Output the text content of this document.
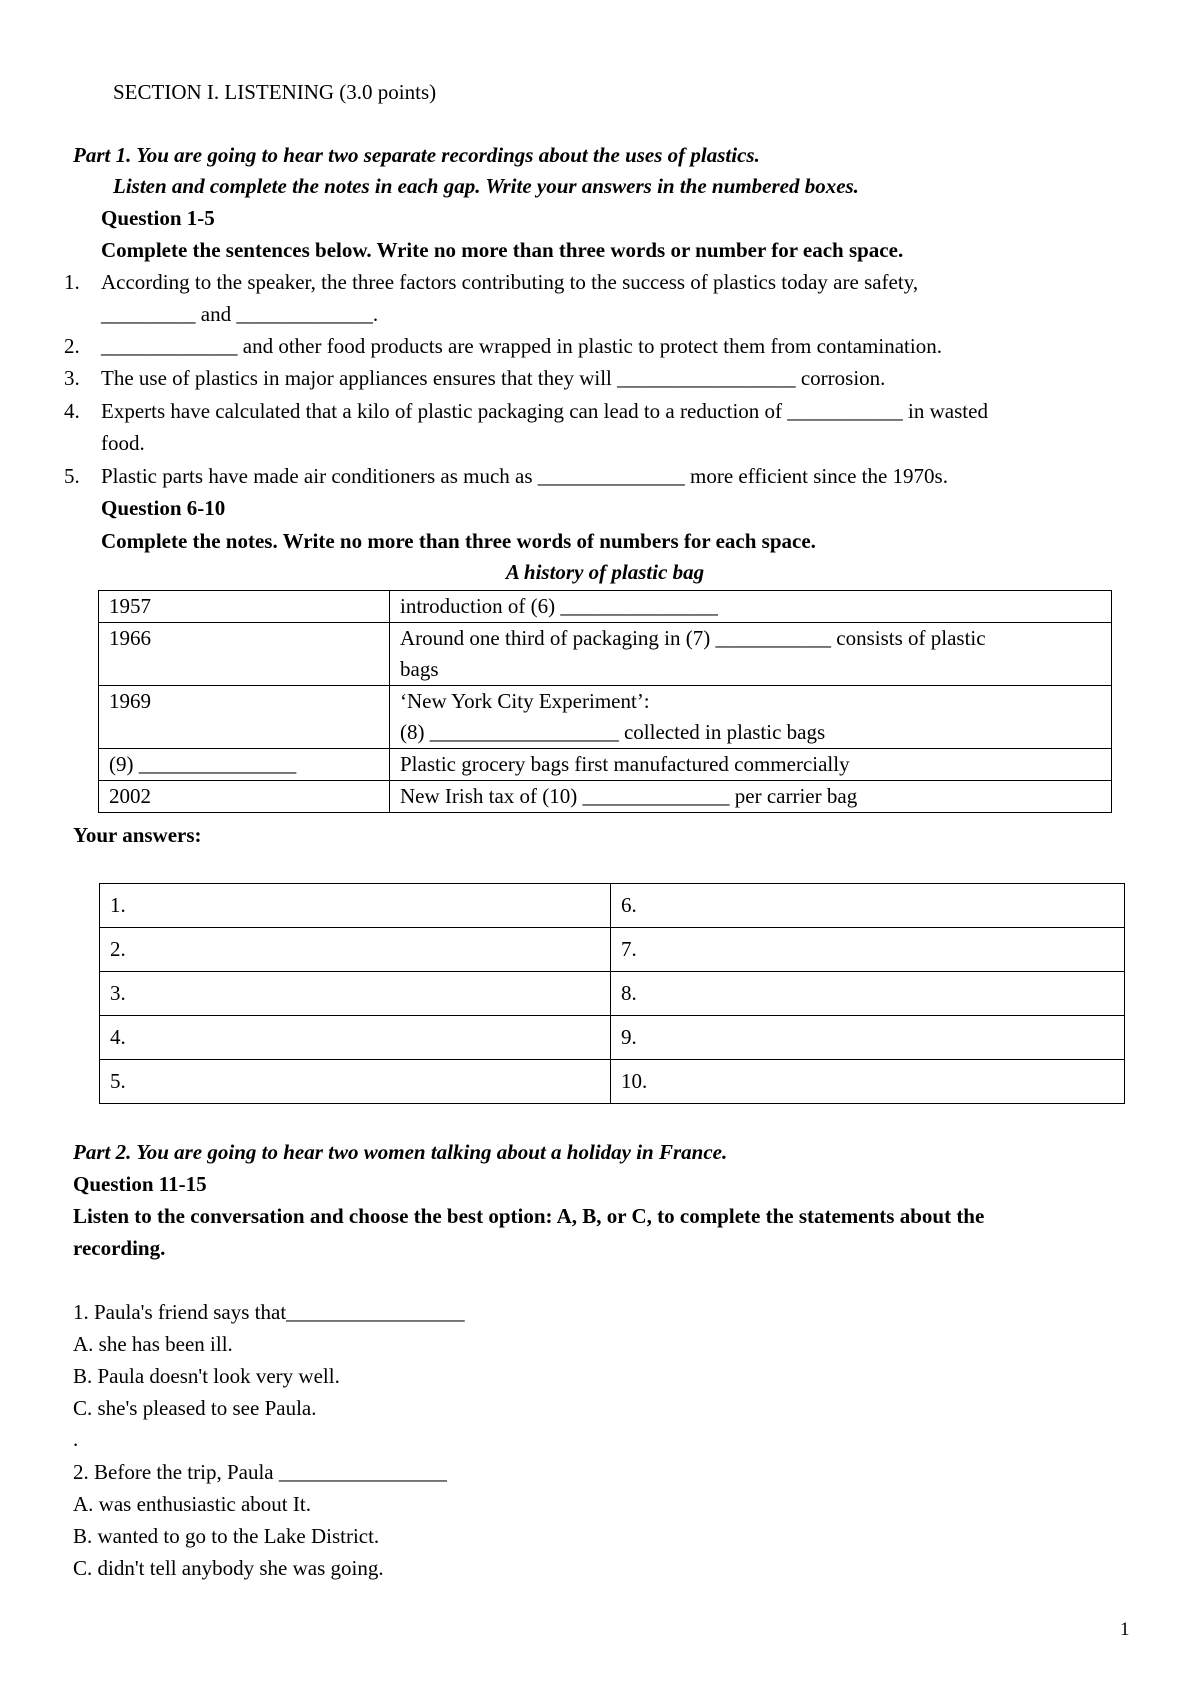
SECTION I. LISTENING (3.0 points)
Part 1. You are going to hear two separate recordings about the uses of plastics.
Listen and complete the notes in each gap. Write your answers in the numbered boxes.
Question 1-5
Complete the sentences below. Write no more than three words or number for each space.
1. According to the speaker, the three factors contributing to the success of plastics today are safety,
_________ and _____________.
2. _____________ and other food products are wrapped in plastic to protect them from contamination.
3. The use of plastics in major appliances ensures that they will _________________ corrosion.
4. Experts have calculated that a kilo of plastic packaging can lead to a reduction of ___________ in wasted
food.
5. Plastic parts have made air conditioners as much as ______________ more efficient since the 1970s.
Question 6-10
Complete the notes. Write no more than three words of numbers for each space.
A history of plastic bag
1957	introduction of (6) _______________
1966	Around one third of packaging in (7) ___________ consists of plastic
bags

1969	‘New York City Experiment’:
(8) __________________ collected in plastic bags

(9) _______________	Plastic grocery bags first manufactured commercially
2002	New Irish tax of (10) ______________ per carrier bag
Your answers:
1.	6.
2.	7.
3.	8.
4.	9.
5.	10.
Part 2. You are going to hear two women talking about a holiday in France.
Question 11-15
Listen to the conversation and choose the best option: A, B, or C, to complete the statements about the
recording.
1. Paula's friend says that_________________
A. she has been ill.
B. Paula doesn't look very well.
C. she's pleased to see Paula.
.
2. Before the trip, Paula ________________
A. was enthusiastic about It.
B. wanted to go to the Lake District.
C. didn't tell anybody she was going.
1
